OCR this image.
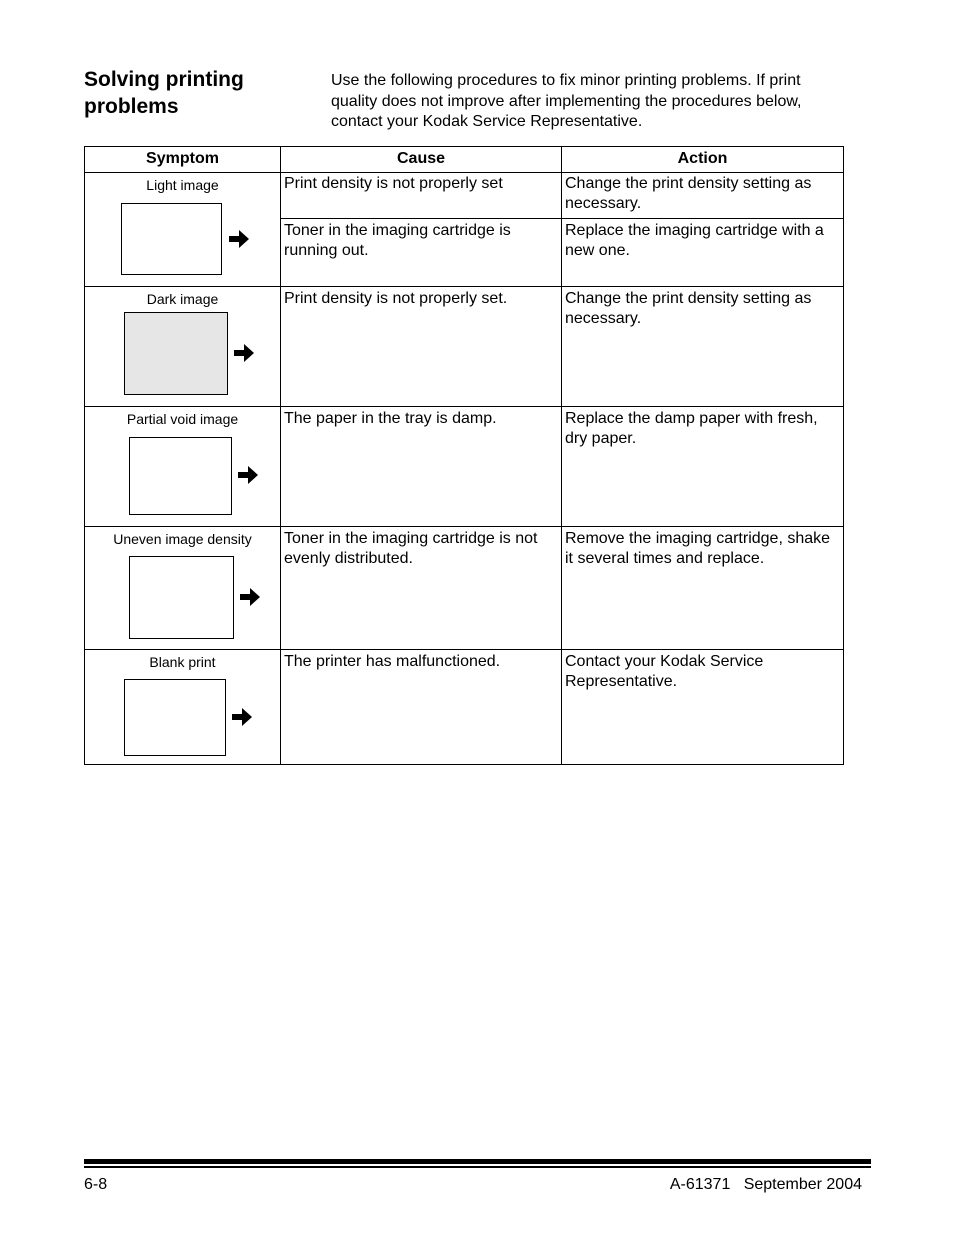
Solving printing problems
Use the following procedures to fix minor printing problems. If print quality does not improve after implementing the procedures below, contact your Kodak Service Representative.
Symptom	Cause	Action

Light image	Print density is not properly set	Change the print density setting as necessary.
	Toner in the imaging cartridge is running out.	Replace the imaging cartridge with a new one.

Dark image	Print density is not properly set.	Change the print density setting as necessary.

Partial void image	The paper in the tray is damp.	Replace the damp paper with fresh, dry paper.

Uneven image density	Toner in the imaging cartridge is not evenly distributed.	Remove the imaging cartridge, shake it several times and replace.

Blank print	The printer has malfunctioned.	Contact your Kodak Service Representative.
6-8	A-61371 September 2004
